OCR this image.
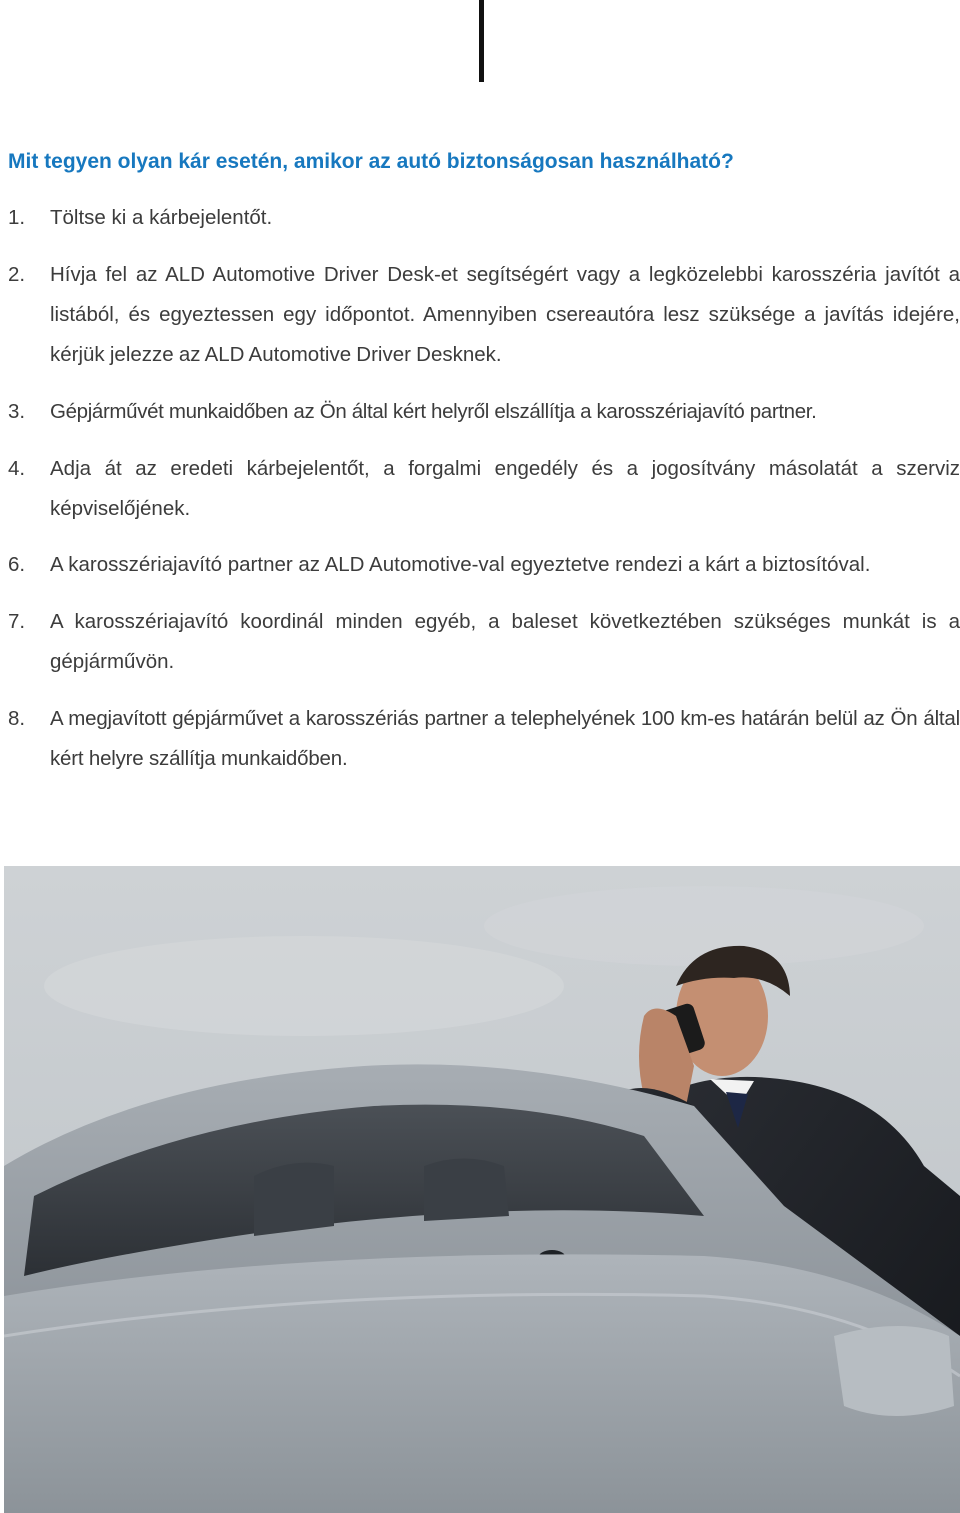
Mit tegyen olyan kár esetén, amikor az autó biztonságosan használható?
1. Töltse ki a kárbejelentőt.
2. Hívja fel az ALD Automotive Driver Desk-et segítségért vagy a legközelebbi karosszéria javítót a listából, és egyeztessen egy időpontot. Amennyiben csereautóra lesz szüksége a javítás idejére, kérjük jelezze az ALD Automotive Driver Desknek.
3. Gépjárművét munkaidőben az Ön által kért helyről elszállítja a karosszériajavító partner.
4. Adja át az eredeti kárbejelentőt, a forgalmi engedély és a jogosítvány másolatát a szerviz képviselőjének.
6. A karosszériajavító partner az ALD Automotive-val egyeztetve rendezi a kárt a biztosítóval.
7. A karosszériajavító koordinál minden egyéb, a baleset következtében szükséges munkát is a gépjárművön.
8. A megjavított gépjárművet a karosszériás partner a telephelyének 100 km-es határán belül az Ön által kért helyre szállítja munkaidőben.
